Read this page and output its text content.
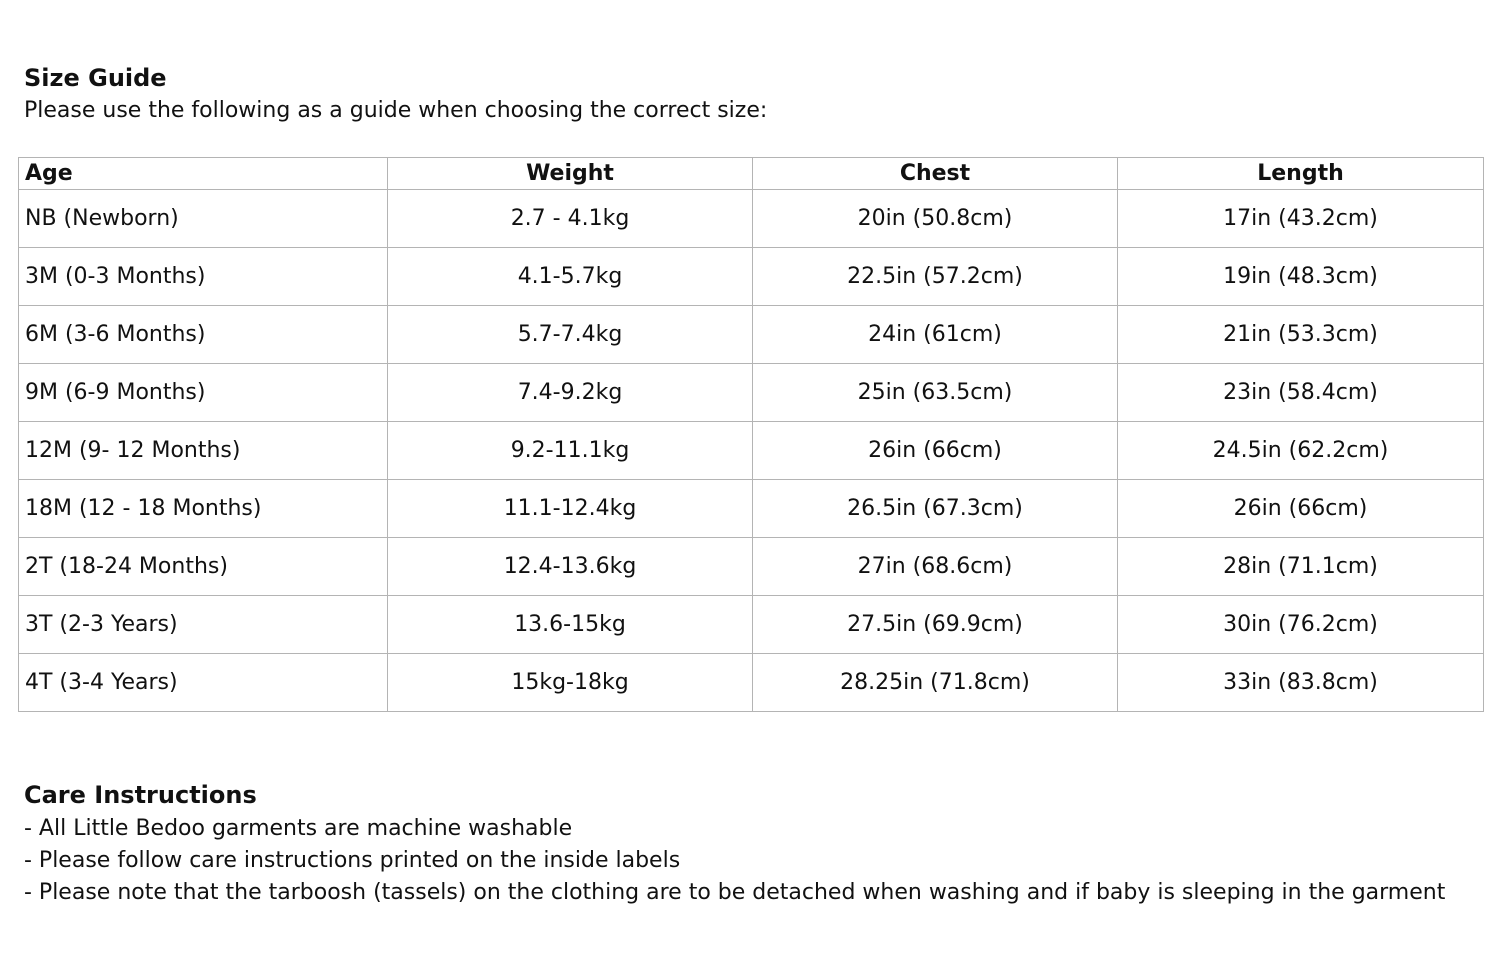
Size Guide
Please use the following as a guide when choosing the correct size:
Age	Weight	Chest	Length
NB (Newborn)	2.7 - 4.1kg	20in (50.8cm)	17in (43.2cm)
3M (0-3 Months)	4.1-5.7kg	22.5in (57.2cm)	19in (48.3cm)
6M (3-6 Months)	5.7-7.4kg	24in (61cm)	21in (53.3cm)
9M (6-9 Months)	7.4-9.2kg	25in (63.5cm)	23in (58.4cm)
12M (9- 12 Months)	9.2-11.1kg	26in (66cm)	24.5in (62.2cm)
18M (12 - 18 Months)	11.1-12.4kg	26.5in (67.3cm)	26in (66cm)
2T (18-24 Months)	12.4-13.6kg	27in (68.6cm)	28in (71.1cm)
3T (2-3 Years)	13.6-15kg	27.5in (69.9cm)	30in (76.2cm)
4T (3-4 Years)	15kg-18kg	28.25in (71.8cm)	33in (83.8cm)
Care Instructions
- All Little Bedoo garments are machine washable
- Please follow care instructions printed on the inside labels
- Please note that the tarboosh (tassels) on the clothing are to be detached when washing and if baby is sleeping in the garment
